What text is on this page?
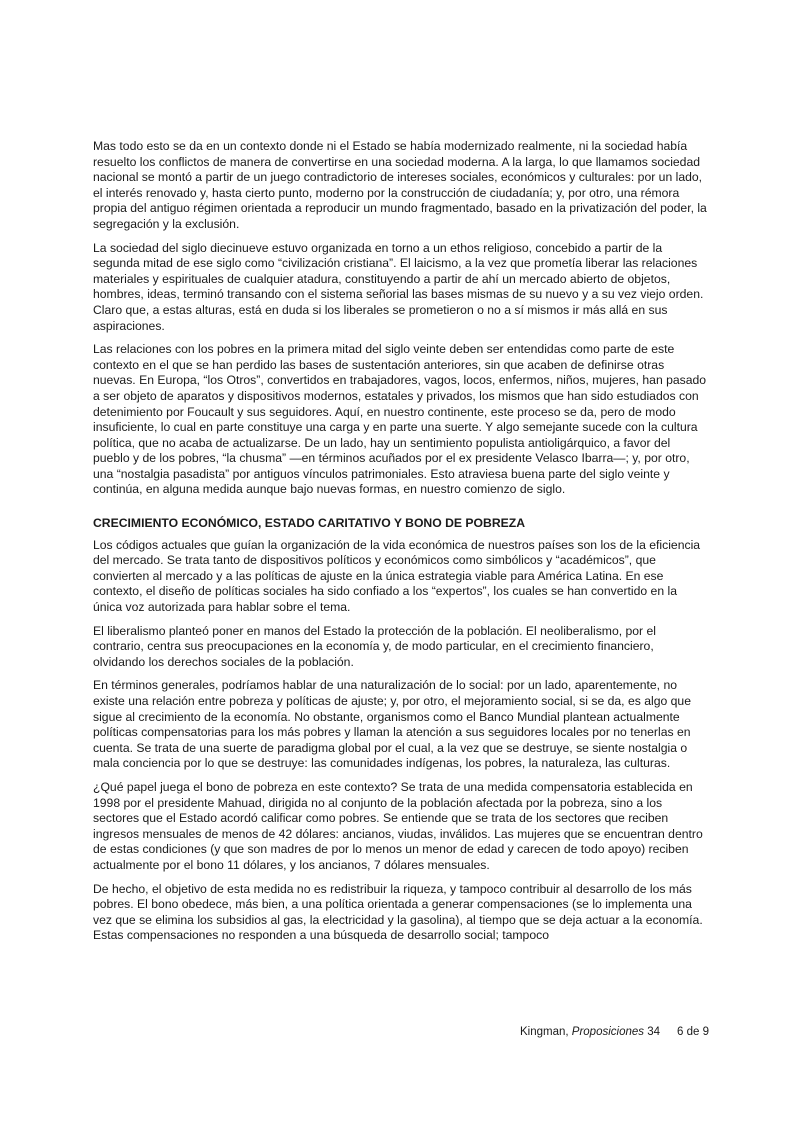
Mas todo esto se da en un contexto donde ni el Estado se había modernizado realmente, ni la sociedad había resuelto los conflictos de manera de convertirse en una sociedad moderna. A la larga, lo que llamamos sociedad nacional se montó a partir de un juego contradictorio de intereses sociales, económicos y culturales: por un lado, el interés renovado y, hasta cierto punto, moderno por la construcción de ciudadanía; y, por otro, una rémora propia del antiguo régimen orientada a reproducir un mundo fragmentado, basado en la privatización del poder, la segregación y la exclusión.

La sociedad del siglo diecinueve estuvo organizada en torno a un ethos religioso, concebido a partir de la segunda mitad de ese siglo como “civilización cristiana”. El laicismo, a la vez que prometía liberar las relaciones materiales y espirituales de cualquier atadura, constituyendo a partir de ahí un mercado abierto de objetos, hombres, ideas, terminó transando con el sistema señorial las bases mismas de su nuevo y a su vez viejo orden. Claro que, a estas alturas, está en duda si los liberales se prometieron o no a sí mismos ir más allá en sus aspiraciones.

Las relaciones con los pobres en la primera mitad del siglo veinte deben ser entendidas como parte de este contexto en el que se han perdido las bases de sustentación anteriores, sin que acaben de definirse otras nuevas. En Europa, “los Otros”, convertidos en trabajadores, vagos, locos, enfermos, niños, mujeres, han pasado a ser objeto de aparatos y dispositivos modernos, estatales y privados, los mismos que han sido estudiados con detenimiento por Foucault y sus seguidores. Aquí, en nuestro continente, este proceso se da, pero de modo insuficiente, lo cual en parte constituye una carga y en parte una suerte. Y algo semejante sucede con la cultura política, que no acaba de actualizarse. De un lado, hay un sentimiento populista antioligárquico, a favor del pueblo y de los pobres, “la chusma” —en términos acuñados por el ex presidente Velasco Ibarra—; y, por otro, una “nostalgia pasadista” por antiguos vínculos patrimoniales. Esto atraviesa buena parte del siglo veinte y continúa, en alguna medida aunque bajo nuevas formas, en nuestro comienzo de siglo.

CRECIMIENTO ECONÓMICO, ESTADO CARITATIVO Y BONO DE POBREZA

Los códigos actuales que guían la organización de la vida económica de nuestros países son los de la eficiencia del mercado. Se trata tanto de dispositivos políticos y económicos como simbólicos y “académicos”, que convierten al mercado y a las políticas de ajuste en la única estrategia viable para América Latina. En ese contexto, el diseño de políticas sociales ha sido confiado a los “expertos”, los cuales se han convertido en la única voz autorizada para hablar sobre el tema.

El liberalismo planteó poner en manos del Estado la protección de la población. El neoliberalismo, por el contrario, centra sus preocupaciones en la economía y, de modo particular, en el crecimiento financiero, olvidando los derechos sociales de la población.

En términos generales, podríamos hablar de una naturalización de lo social: por un lado, aparentemente, no existe una relación entre pobreza y políticas de ajuste; y, por otro, el mejoramiento social, si se da, es algo que sigue al crecimiento de la economía. No obstante, organismos como el Banco Mundial plantean actualmente políticas compensatorias para los más pobres y llaman la atención a sus seguidores locales por no tenerlas en cuenta. Se trata de una suerte de paradigma global por el cual, a la vez que se destruye, se siente nostalgia o mala conciencia por lo que se destruye: las comunidades indígenas, los pobres, la naturaleza, las culturas.

¿Qué papel juega el bono de pobreza en este contexto? Se trata de una medida compensatoria establecida en 1998 por el presidente Mahuad, dirigida no al conjunto de la población afectada por la pobreza, sino a los sectores que el Estado acordó calificar como pobres. Se entiende que se trata de los sectores que reciben ingresos mensuales de menos de 42 dólares: ancianos, viudas, inválidos. Las mujeres que se encuentran dentro de estas condiciones (y que son madres de por lo menos un menor de edad y carecen de todo apoyo) reciben actualmente por el bono 11 dólares, y los ancianos, 7 dólares mensuales.

De hecho, el objetivo de esta medida no es redistribuir la riqueza, y tampoco contribuir al desarrollo de los más pobres. El bono obedece, más bien, a una política orientada a generar compensaciones (se lo implementa una vez que se elimina los subsidios al gas, la electricidad y la gasolina), al tiempo que se deja actuar a la economía. Estas compensaciones no responden a una búsqueda de desarrollo social; tampoco

Kingman, Proposiciones 34 6 de 9
